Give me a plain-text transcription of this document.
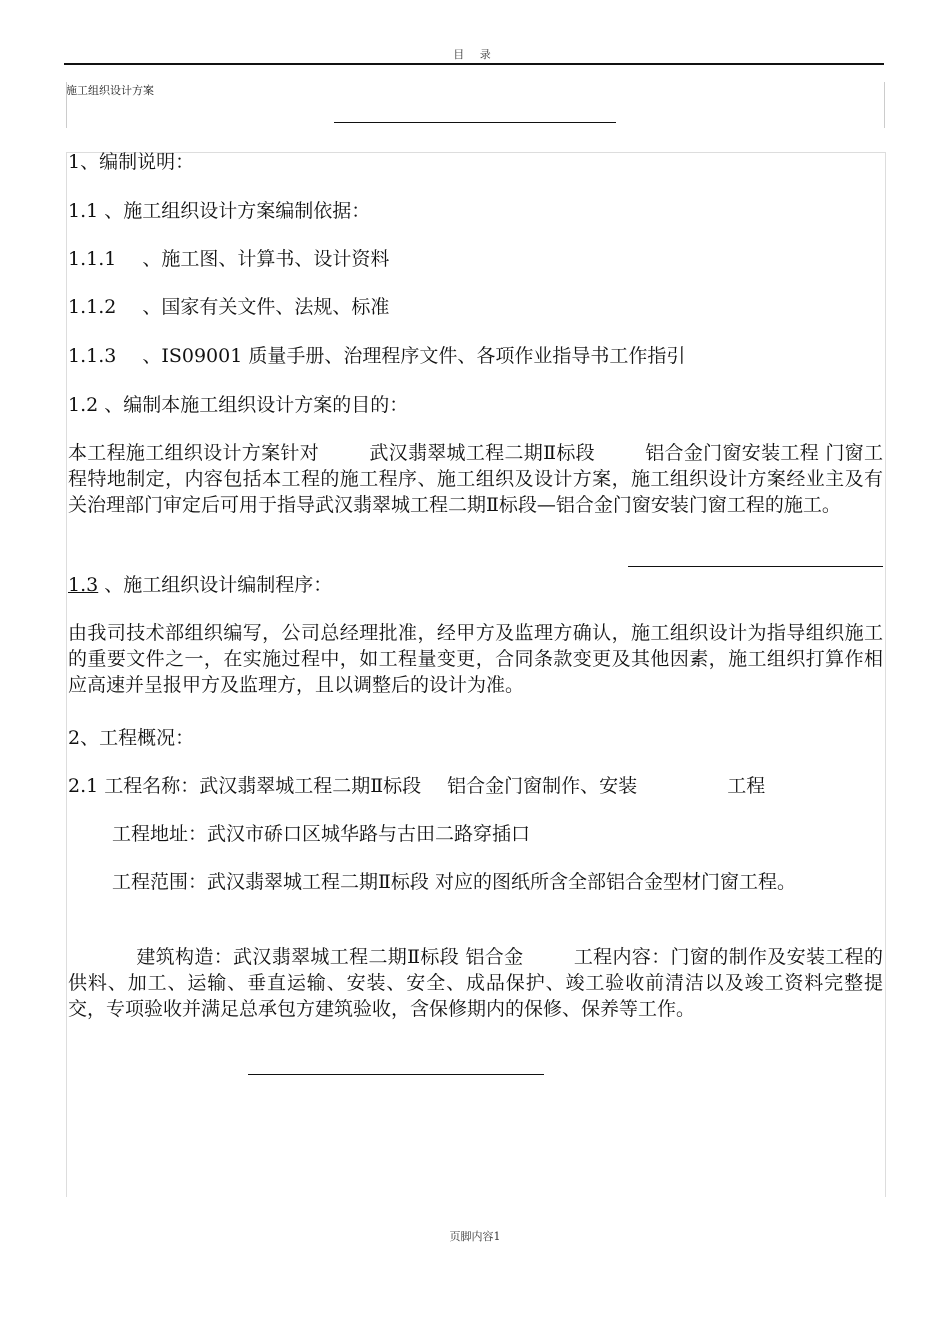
目 录
施工组织设计方案
1、编制说明：
1.1 、施工组织设计方案编制依据：
1.1.1 、施工图、计算书、设计资料
1.1.2 、国家有关文件、法规、标准
1.1.3 、IS09001 质量手册、治理程序文件、各项作业指导书工作指引
1.2 、编制本施工组织设计方案的目的：
本工程施工组织设计方案针对	武汉翡翠城工程二期Ⅱ标段	铝合金门窗安装工程 门窗工程特地制定，内容包括本工程的施工程序、施工组织及设计方案，施工组织设计方案经业主及有关治理部门审定后可用于指导武汉翡翠城工程二期Ⅱ标段—铝合金门窗安装门窗工程的施工。
1.3 、施工组织设计编制程序：
由我司技术部组织编写，公司总经理批准，经甲方及监理方确认，施工组织设计为指导组织施工的重要文件之一，在实施过程中，如工程量变更，合同条款变更及其他因素，施工组织打算作相应高速并呈报甲方及监理方，且以调整后的设计为准。
2、工程概况：
2.1 工程名称：武汉翡翠城工程二期Ⅱ标段 铝合金门窗制作、安装	工程
工程地址：武汉市硚口区城华路与古田二路穿插口
工程范围：武汉翡翠城工程二期Ⅱ标段 对应的图纸所含全部铝合金型材门窗工程。
建筑构造：武汉翡翠城工程二期Ⅱ标段 铝合金	工程内容：门窗的制作及安装工程的供料、加工、运输、垂直运输、安装、安全、成品保护、竣工验收前清洁以及竣工资料完整提交，专项验收并满足总承包方建筑验收，含保修期内的保修、保养等工作。
页脚内容1
